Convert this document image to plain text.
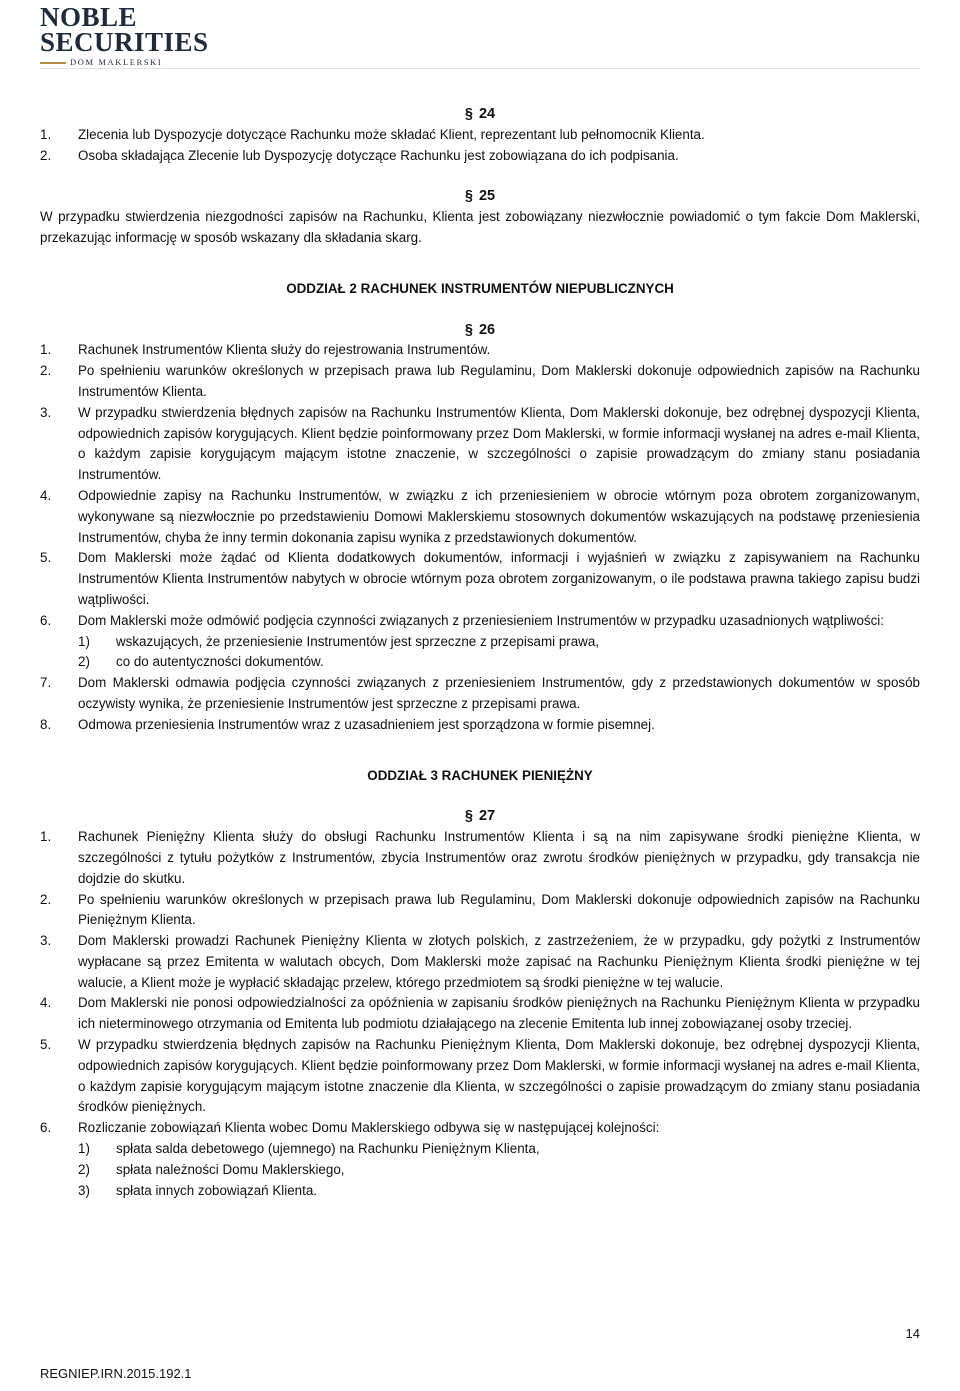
NOBLE
SECURITIES
DOM MAKLERSKI
§ 24
1. Zlecenia lub Dyspozycje dotyczące Rachunku może składać Klient, reprezentant lub pełnomocnik Klienta.
2. Osoba składająca Zlecenie lub Dyspozycję dotyczące Rachunku jest zobowiązana do ich podpisania.
§ 25
W przypadku stwierdzenia niezgodności zapisów na Rachunku, Klienta jest zobowiązany niezwłocznie powiadomić o tym fakcie Dom Maklerski, przekazując informację w sposób wskazany dla składania skarg.
ODDZIAŁ 2 RACHUNEK INSTRUMENTÓW NIEPUBLICZNYCH
§ 26
1. Rachunek Instrumentów Klienta służy do rejestrowania Instrumentów.
2. Po spełnieniu warunków określonych w przepisach prawa lub Regulaminu, Dom Maklerski dokonuje odpowiednich zapisów na Rachunku Instrumentów Klienta.
3. W przypadku stwierdzenia błędnych zapisów na Rachunku Instrumentów Klienta, Dom Maklerski dokonuje, bez odrębnej dyspozycji Klienta, odpowiednich zapisów korygujących. Klient będzie poinformowany przez Dom Maklerski, w formie informacji wysłanej na adres e-mail Klienta, o każdym zapisie korygującym mającym istotne znaczenie, w szczególności o zapisie prowadzącym do zmiany stanu posiadania Instrumentów.
4. Odpowiednie zapisy na Rachunku Instrumentów, w związku z ich przeniesieniem w obrocie wtórnym poza obrotem zorganizowanym, wykonywane są niezwłocznie po przedstawieniu Domowi Maklerskiemu stosownych dokumentów wskazujących na podstawę przeniesienia Instrumentów, chyba że inny termin dokonania zapisu wynika z przedstawionych dokumentów.
5. Dom Maklerski może żądać od Klienta dodatkowych dokumentów, informacji i wyjaśnień w związku z zapisywaniem na Rachunku Instrumentów Klienta Instrumentów nabytych w obrocie wtórnym poza obrotem zorganizowanym, o ile podstawa prawna takiego zapisu budzi wątpliwości.
6. Dom Maklerski może odmówić podjęcia czynności związanych z przeniesieniem Instrumentów w przypadku uzasadnionych wątpliwości:
1) wskazujących, że przeniesienie Instrumentów jest sprzeczne z przepisami prawa,
2) co do autentyczności dokumentów.
7. Dom Maklerski odmawia podjęcia czynności związanych z przeniesieniem Instrumentów, gdy z przedstawionych dokumentów w sposób oczywisty wynika, że przeniesienie Instrumentów jest sprzeczne z przepisami prawa.
8. Odmowa przeniesienia Instrumentów wraz z uzasadnieniem jest sporządzona w formie pisemnej.
ODDZIAŁ 3 RACHUNEK PIENIĘŻNY
§ 27
1. Rachunek Pieniężny Klienta służy do obsługi Rachunku Instrumentów Klienta i są na nim zapisywane środki pieniężne Klienta, w szczególności z tytułu pożytków z Instrumentów, zbycia Instrumentów oraz zwrotu środków pieniężnych w przypadku, gdy transakcja nie dojdzie do skutku.
2. Po spełnieniu warunków określonych w przepisach prawa lub Regulaminu, Dom Maklerski dokonuje odpowiednich zapisów na Rachunku Pieniężnym Klienta.
3. Dom Maklerski prowadzi Rachunek Pieniężny Klienta w złotych polskich, z zastrzeżeniem, że w przypadku, gdy pożytki z Instrumentów wypłacane są przez Emitenta w walutach obcych, Dom Maklerski może zapisać na Rachunku Pieniężnym Klienta środki pieniężne w tej walucie, a Klient może je wypłacić składając przelew, którego przedmiotem są środki pieniężne w tej walucie.
4. Dom Maklerski nie ponosi odpowiedzialności za opóźnienia w zapisaniu środków pieniężnych na Rachunku Pieniężnym Klienta w przypadku ich nieterminowego otrzymania od Emitenta lub podmiotu działającego na zlecenie Emitenta lub innej zobowiązanej osoby trzeciej.
5. W przypadku stwierdzenia błędnych zapisów na Rachunku Pieniężnym Klienta, Dom Maklerski dokonuje, bez odrębnej dyspozycji Klienta, odpowiednich zapisów korygujących. Klient będzie poinformowany przez Dom Maklerski, w formie informacji wysłanej na adres e-mail Klienta, o każdym zapisie korygującym mającym istotne znaczenie dla Klienta, w szczególności o zapisie prowadzącym do zmiany stanu posiadania środków pieniężnych.
6. Rozliczanie zobowiązań Klienta wobec Domu Maklerskiego odbywa się w następującej kolejności:
1) spłata salda debetowego (ujemnego) na Rachunku Pieniężnym Klienta,
2) spłata należności Domu Maklerskiego,
3) spłata innych zobowiązań Klienta.
14
REGNIEP.IRN.2015.192.1
